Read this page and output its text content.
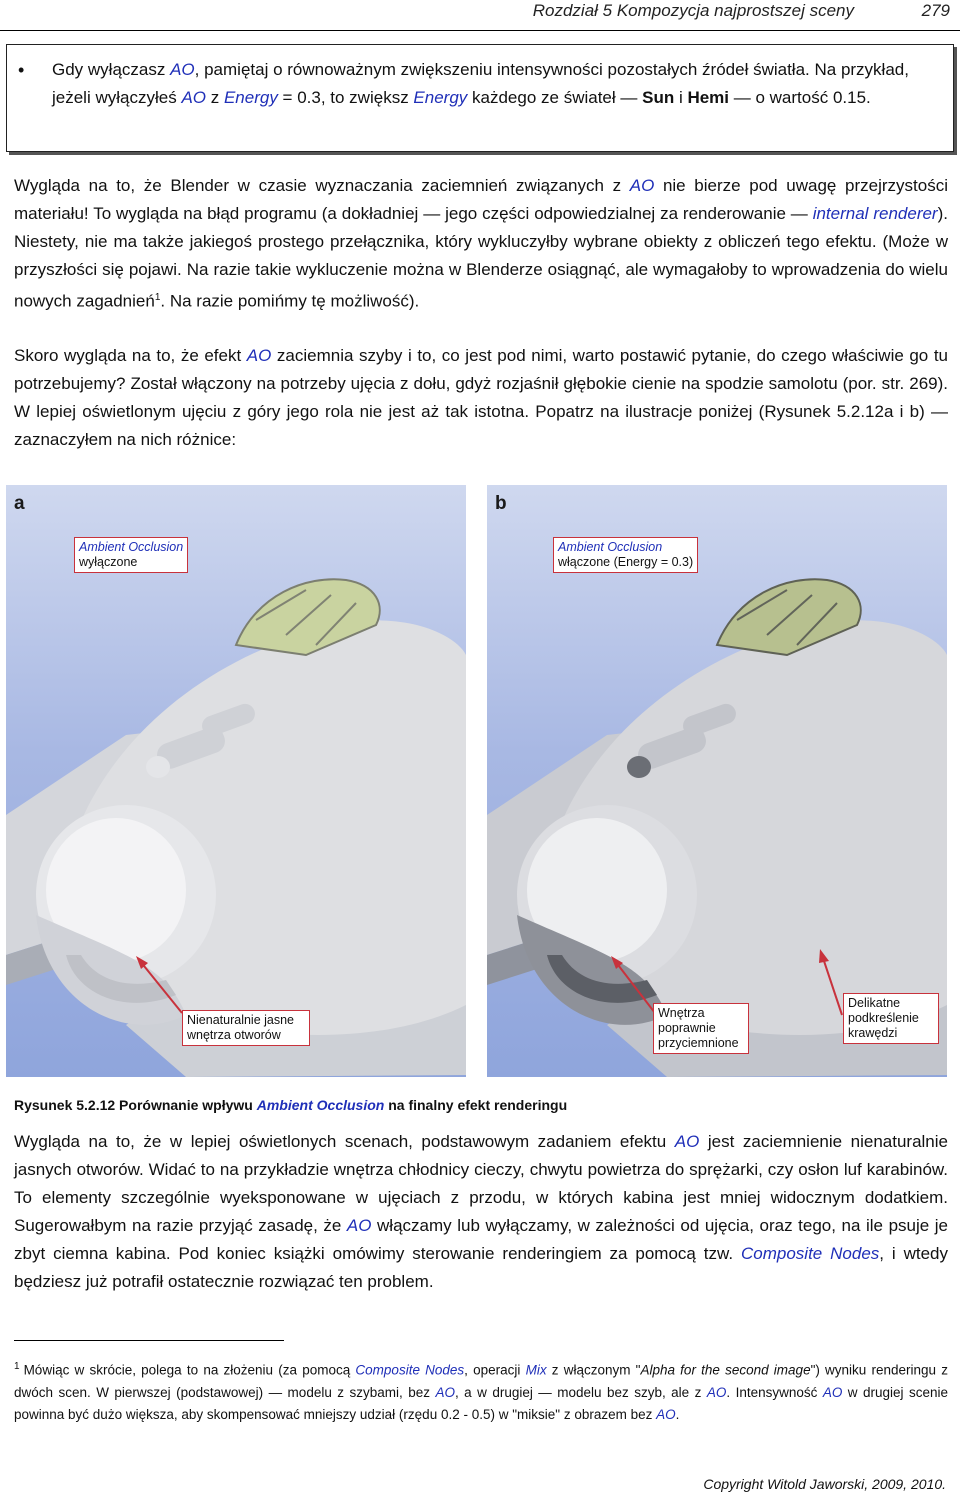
Rozdział 5 Kompozycja najprostszej sceny	279
• Gdy wyłączasz AO, pamiętaj o równoważnym zwiększeniu intensywności pozostałych źródeł światła. Na przykład, jeżeli wyłączyłeś AO z Energy = 0.3, to zwiększ Energy każdego ze świateł — Sun i Hemi — o wartość 0.15.
Wygląda na to, że Blender w czasie wyznaczania zaciemnień związanych z AO nie bierze pod uwagę przejrzystości materiału! To wygląda na błąd programu (a dokładniej — jego części odpowiedzialnej za renderowanie — internal renderer). Niestety, nie ma także jakiegoś prostego przełącznika, który wykluczyłby wybrane obiekty z obliczeń tego efektu. (Może w przyszłości się pojawi. Na razie takie wykluczenie można w Blenderze osiągnąć, ale wymagałoby to wprowadzenia do wielu nowych zagadnień$^1$. Na razie pomińmy tę możliwość).
Skoro wygląda na to, że efekt AO zaciemnia szyby i to, co jest pod nimi, warto postawić pytanie, do czego właściwie go tu potrzebujemy? Został włączony na potrzeby ujęcia z dołu, gdyż rozjaśnił głębokie cienie na spodzie samolotu (por. str. 269). W lepiej oświetlonym ujęciu z góry jego rola nie jest aż tak istotna. Popatrz na ilustracje poniżej (Rysunek 5.2.12a i b) — zaznaczyłem na nich różnice:
a
Ambient Occlusion
wyłączone
Nienaturalnie jasne wnętrza otworów
b
Ambient Occlusion
włączone (Energy = 0.3)
Wnętrza poprawnie przyciemnione
Delikatne podkreślenie krawędzi
Rysunek 5.2.12 Porównanie wpływu Ambient Occlusion na finalny efekt renderingu
Wygląda na to, że w lepiej oświetlonych scenach, podstawowym zadaniem efektu AO jest zaciemnienie nienaturalnie jasnych otworów. Widać to na przykładzie wnętrza chłodnicy cieczy, chwytu powietrza do sprężarki, czy osłon luf karabinów. To elementy szczególnie wyeksponowane w ujęciach z przodu, w których kabina jest mniej widocznym dodatkiem. Sugerowałbym na razie przyjąć zasadę, że AO włączamy lub wyłączamy, w zależności od ujęcia, oraz tego, na ile psuje je zbyt ciemna kabina. Pod koniec książki omówimy sterowanie renderingiem za pomocą tzw. Composite Nodes, i wtedy będziesz już potrafił ostatecznie rozwiązać ten problem.
$^1$ Mówiąc w skrócie, polega to na złożeniu (za pomocą Composite Nodes, operacji Mix z włączonym "Alpha for the second image") wyniku renderingu z dwóch scen. W pierwszej (podstawowej) — modelu z szybami, bez AO, a w drugiej — modelu bez szyb, ale z AO. Intensywność AO w drugiej scenie powinna być dużo większa, aby skompensować mniejszy udział (rzędu 0.2 - 0.5) w "miksie" z obrazem bez AO.
Copyright Witold Jaworski, 2009, 2010.
